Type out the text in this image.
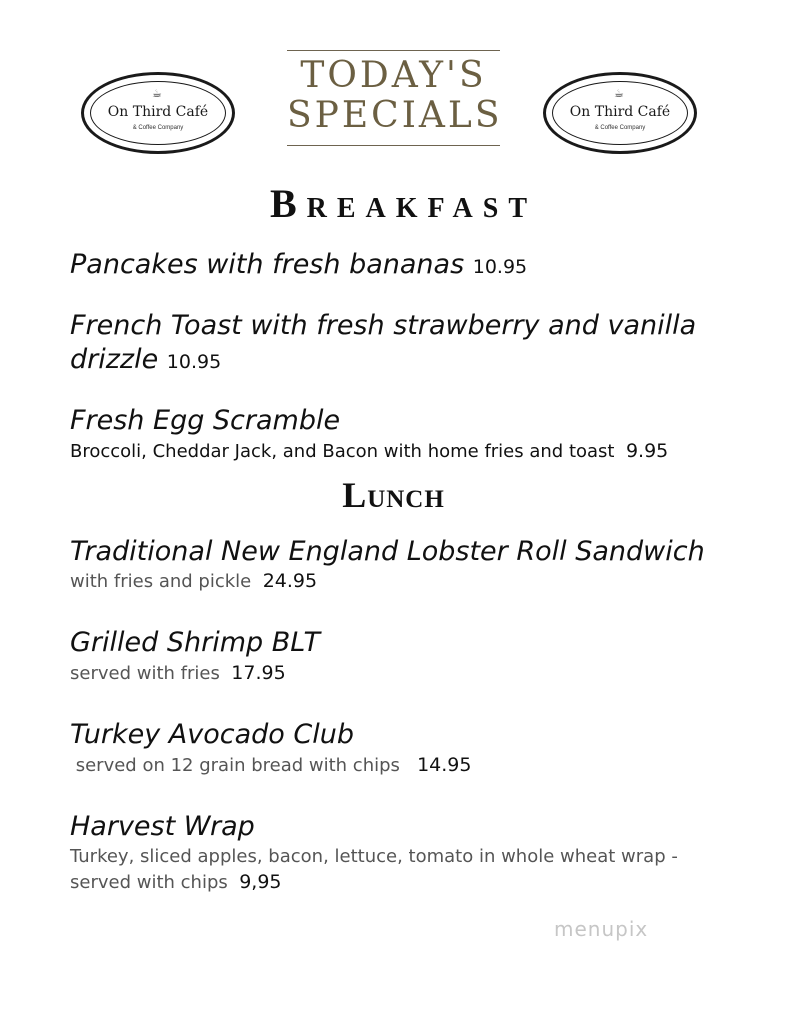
☕
On Third Café
& Coffee Company
☕
On Third Café
& Coffee Company
TODAY'S
SPECIALS
Breakfast
Pancakes with fresh bananas 10.95
French Toast with fresh strawberry and vanilla
drizzle 10.95
Fresh Egg Scramble
Broccoli, Cheddar Jack, and Bacon with home fries and toast 9.95
Lunch
Traditional New England Lobster Roll Sandwich
with fries and pickle 24.95
Grilled Shrimp BLT
served with fries 17.95
Turkey Avocado Club
served on 12 grain bread with chips 14.95
Harvest Wrap
Turkey, sliced apples, bacon, lettuce, tomato in whole wheat wrap -
served with chips 9,95
menupix
